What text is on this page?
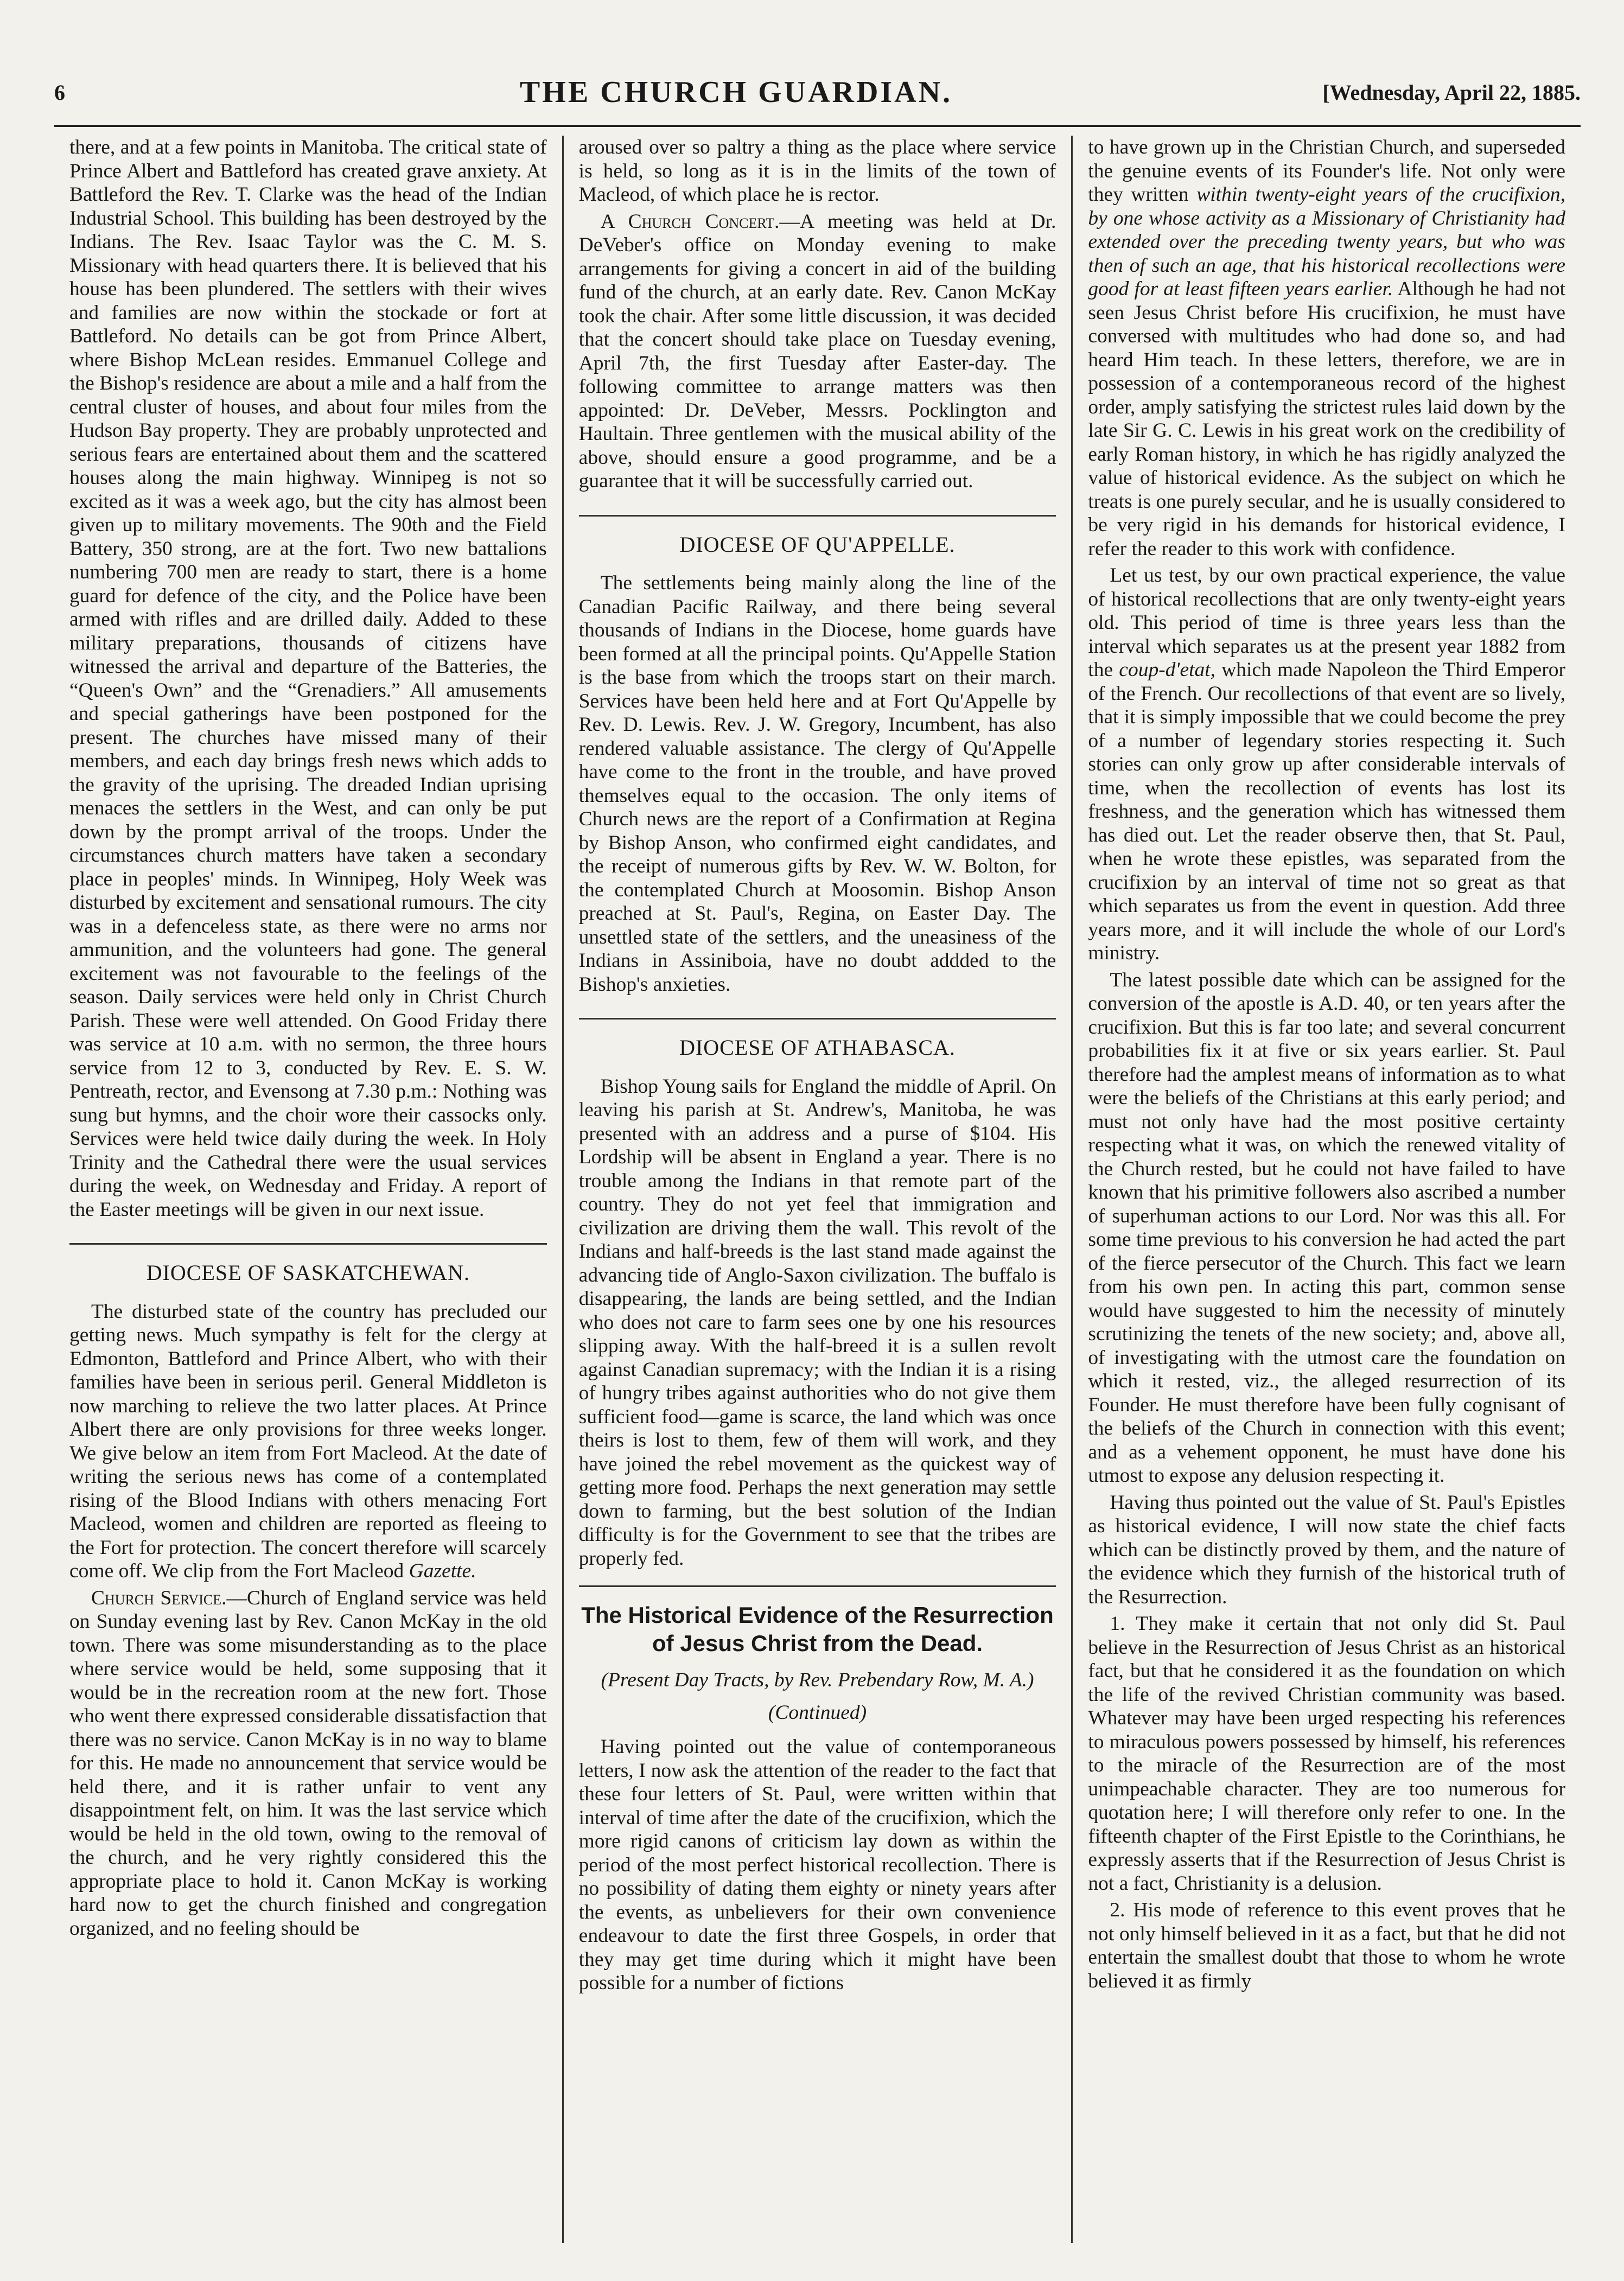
6	THE CHURCH GUARDIAN.	[Wednesday, April 22, 1885.

there, and at a few points in Manitoba. The critical state of Prince Albert and Battleford has created grave anxiety. At Battleford the Rev. T. Clarke was the head of the Indian Industrial School. This building has been destroyed by the Indians. The Rev. Isaac Taylor was the C. M. S. Missionary with head quarters there. It is believed that his house has been plundered. The settlers with their wives and families are now within the stockade or fort at Battleford. No details can be got from Prince Albert, where Bishop McLean resides. Emmanuel College and the Bishop's residence are about a mile and a half from the central cluster of houses, and about four miles from the Hudson Bay property. They are probably unprotected and serious fears are entertained about them and the scattered houses along the main highway. Winnipeg is not so excited as it was a week ago, but the city has almost been given up to military movements. The 90th and the Field Battery, 350 strong, are at the fort. Two new battalions numbering 700 men are ready to start, there is a home guard for defence of the city, and the Police have been armed with rifles and are drilled daily. Added to these military preparations, thousands of citizens have witnessed the arrival and departure of the Batteries, the “Queen's Own” and the “Grenadiers.” All amusements and special gatherings have been postponed for the present. The churches have missed many of their members, and each day brings fresh news which adds to the gravity of the uprising. The dreaded Indian uprising menaces the settlers in the West, and can only be put down by the prompt arrival of the troops. Under the circumstances church matters have taken a secondary place in peoples' minds. In Winnipeg, Holy Week was disturbed by excitement and sensational rumours. The city was in a defenceless state, as there were no arms nor ammunition, and the volunteers had gone. The general excitement was not favourable to the feelings of the season. Daily services were held only in Christ Church Parish. These were well attended. On Good Friday there was service at 10 a.m. with no sermon, the three hours service from 12 to 3, conducted by Rev. E. S. W. Pentreath, rector, and Evensong at 7.30 p.m.: Nothing was sung but hymns, and the choir wore their cassocks only. Services were held twice daily during the week. In Holy Trinity and the Cathedral there were the usual services during the week, on Wednesday and Friday. A report of the Easter meetings will be given in our next issue.

DIOCESE OF SASKATCHEWAN.

The disturbed state of the country has precluded our getting news. Much sympathy is felt for the clergy at Edmonton, Battleford and Prince Albert, who with their families have been in serious peril. General Middleton is now marching to relieve the two latter places. At Prince Albert there are only provisions for three weeks longer. We give below an item from Fort Macleod. At the date of writing the serious news has come of a contemplated rising of the Blood Indians with others menacing Fort Macleod, women and children are reported as fleeing to the Fort for protection. The concert therefore will scarcely come off. We clip from the Fort Macleod Gazette.

Church Service.—Church of England service was held on Sunday evening last by Rev. Canon McKay in the old town. There was some misunderstanding as to the place where service would be held, some supposing that it would be in the recreation room at the new fort. Those who went there expressed considerable dissatisfaction that there was no service. Canon McKay is in no way to blame for this. He made no announcement that service would be held there, and it is rather unfair to vent any disappointment felt, on him. It was the last service which would be held in the old town, owing to the removal of the church, and he very rightly considered this the appropriate place to hold it. Canon McKay is working hard now to get the church finished and congregation organized, and no feeling should be

aroused over so paltry a thing as the place where service is held, so long as it is in the limits of the town of Macleod, of which place he is rector.

A Church Concert.—A meeting was held at Dr. DeVeber's office on Monday evening to make arrangements for giving a concert in aid of the building fund of the church, at an early date. Rev. Canon McKay took the chair. After some little discussion, it was decided that the concert should take place on Tuesday evening, April 7th, the first Tuesday after Easter-day. The following committee to arrange matters was then appointed: Dr. DeVeber, Messrs. Pocklington and Haultain. Three gentlemen with the musical ability of the above, should ensure a good programme, and be a guarantee that it will be successfully carried out.

DIOCESE OF QU'APPELLE.

The settlements being mainly along the line of the Canadian Pacific Railway, and there being several thousands of Indians in the Diocese, home guards have been formed at all the principal points. Qu'Appelle Station is the base from which the troops start on their march. Services have been held here and at Fort Qu'Appelle by Rev. D. Lewis. Rev. J. W. Gregory, Incumbent, has also rendered valuable assistance. The clergy of Qu'Appelle have come to the front in the trouble, and have proved themselves equal to the occasion. The only items of Church news are the report of a Confirmation at Regina by Bishop Anson, who confirmed eight candidates, and the receipt of numerous gifts by Rev. W. W. Bolton, for the contemplated Church at Moosomin. Bishop Anson preached at St. Paul's, Regina, on Easter Day. The unsettled state of the settlers, and the uneasiness of the Indians in Assiniboia, have no doubt addded to the Bishop's anxieties.

DIOCESE OF ATHABASCA.

Bishop Young sails for England the middle of April. On leaving his parish at St. Andrew's, Manitoba, he was presented with an address and a purse of $104. His Lordship will be absent in England a year. There is no trouble among the Indians in that remote part of the country. They do not yet feel that immigration and civilization are driving them the wall. This revolt of the Indians and half-breeds is the last stand made against the advancing tide of Anglo-Saxon civilization. The buffalo is disappearing, the lands are being settled, and the Indian who does not care to farm sees one by one his resources slipping away. With the half-breed it is a sullen revolt against Canadian supremacy; with the Indian it is a rising of hungry tribes against authorities who do not give them sufficient food—game is scarce, the land which was once theirs is lost to them, few of them will work, and they have joined the rebel movement as the quickest way of getting more food. Perhaps the next generation may settle down to farming, but the best solution of the Indian difficulty is for the Government to see that the tribes are properly fed.

The Historical Evidence of the Resurrection of Jesus Christ from the Dead.

(Present Day Tracts, by Rev. Prebendary Row, M. A.)

(Continued)

Having pointed out the value of contemporaneous letters, I now ask the attention of the reader to the fact that these four letters of St. Paul, were written within that interval of time after the date of the crucifixion, which the more rigid canons of criticism lay down as within the period of the most perfect historical recollection. There is no possibility of dating them eighty or ninety years after the events, as unbelievers for their own convenience endeavour to date the first three Gospels, in order that they may get time during which it might have been possible for a number of fictions

to have grown up in the Christian Church, and superseded the genuine events of its Founder's life. Not only were they written within twenty-eight years of the crucifixion, by one whose activity as a Missionary of Christianity had extended over the preceding twenty years, but who was then of such an age, that his historical recollections were good for at least fifteen years earlier. Although he had not seen Jesus Christ before His crucifixion, he must have conversed with multitudes who had done so, and had heard Him teach. In these letters, therefore, we are in possession of a contemporaneous record of the highest order, amply satisfying the strictest rules laid down by the late Sir G. C. Lewis in his great work on the credibility of early Roman history, in which he has rigidly analyzed the value of historical evidence. As the subject on which he treats is one purely secular, and he is usually considered to be very rigid in his demands for historical evidence, I refer the reader to this work with confidence.

Let us test, by our own practical experience, the value of historical recollections that are only twenty-eight years old. This period of time is three years less than the interval which separates us at the present year 1882 from the coup-d'etat, which made Napoleon the Third Emperor of the French. Our recollections of that event are so lively, that it is simply impossible that we could become the prey of a number of legendary stories respecting it. Such stories can only grow up after considerable intervals of time, when the recollection of events has lost its freshness, and the generation which has witnessed them has died out. Let the reader observe then, that St. Paul, when he wrote these epistles, was separated from the crucifixion by an interval of time not so great as that which separates us from the event in question. Add three years more, and it will include the whole of our Lord's ministry.

The latest possible date which can be assigned for the conversion of the apostle is A.D. 40, or ten years after the crucifixion. But this is far too late; and several concurrent probabilities fix it at five or six years earlier. St. Paul therefore had the amplest means of information as to what were the beliefs of the Christians at this early period; and must not only have had the most positive certainty respecting what it was, on which the renewed vitality of the Church rested, but he could not have failed to have known that his primitive followers also ascribed a number of superhuman actions to our Lord. Nor was this all. For some time previous to his conversion he had acted the part of the fierce persecutor of the Church. This fact we learn from his own pen. In acting this part, common sense would have suggested to him the necessity of minutely scrutinizing the tenets of the new society; and, above all, of investigating with the utmost care the foundation on which it rested, viz., the alleged resurrection of its Founder. He must therefore have been fully cognisant of the beliefs of the Church in connection with this event; and as a vehement opponent, he must have done his utmost to expose any delusion respecting it.

Having thus pointed out the value of St. Paul's Epistles as historical evidence, I will now state the chief facts which can be distinctly proved by them, and the nature of the evidence which they furnish of the historical truth of the Resurrection.

1. They make it certain that not only did St. Paul believe in the Resurrection of Jesus Christ as an historical fact, but that he considered it as the foundation on which the life of the revived Christian community was based. Whatever may have been urged respecting his references to miraculous powers possessed by himself, his references to the miracle of the Resurrection are of the most unimpeachable character. They are too numerous for quotation here; I will therefore only refer to one. In the fifteenth chapter of the First Epistle to the Corinthians, he expressly asserts that if the Resurrection of Jesus Christ is not a fact, Christianity is a delusion.

2. His mode of reference to this event proves that he not only himself believed in it as a fact, but that he did not entertain the smallest doubt that those to whom he wrote believed it as firmly
